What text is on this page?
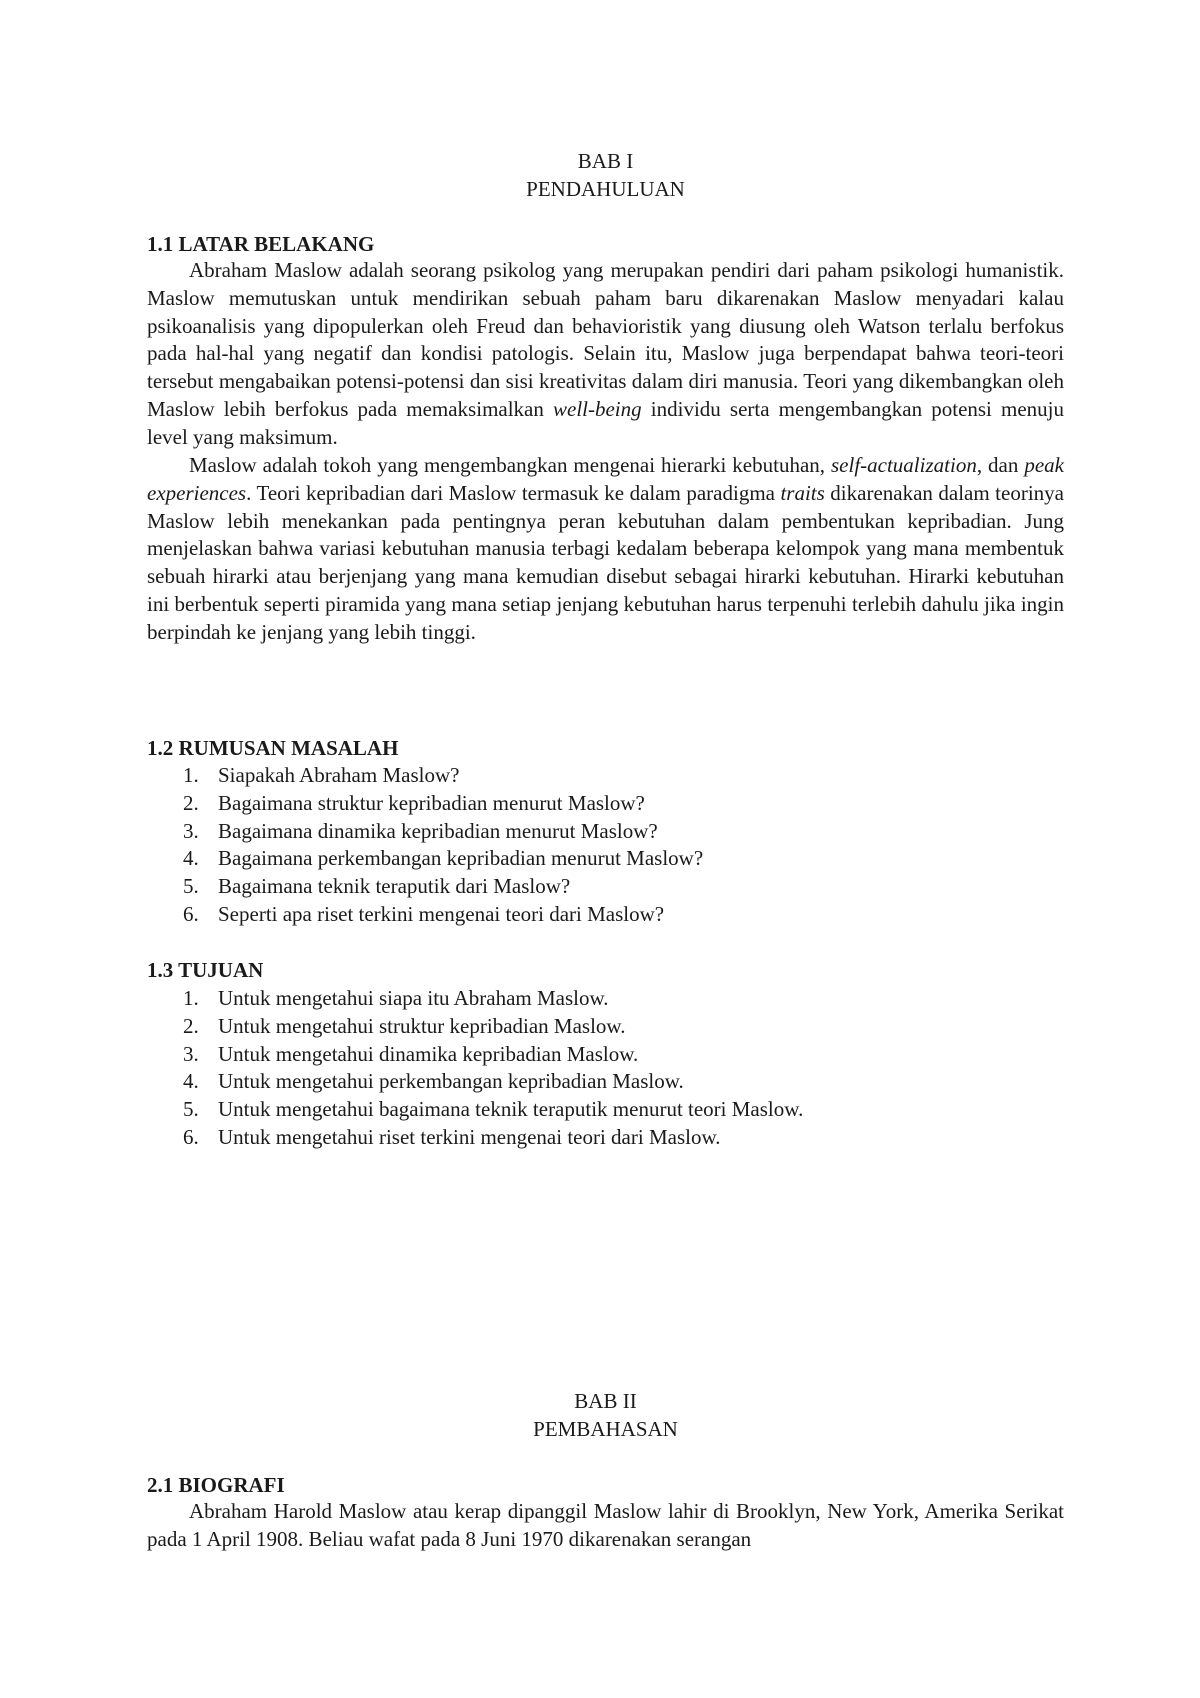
BAB I
PENDAHULUAN
1.1 LATAR BELAKANG

Abraham Maslow adalah seorang psikolog yang merupakan pendiri dari paham psikologi humanistik. Maslow memutuskan untuk mendirikan sebuah paham baru dikarenakan Maslow menyadari kalau psikoanalisis yang dipopulerkan oleh Freud dan behavioristik yang diusung oleh Watson terlalu berfokus pada hal-hal yang negatif dan kondisi patologis. Selain itu, Maslow juga berpendapat bahwa teori-teori tersebut mengabaikan potensi-potensi dan sisi kreativitas dalam diri manusia. Teori yang dikembangkan oleh Maslow lebih berfokus pada memaksimalkan well-being individu serta mengembangkan potensi menuju level yang maksimum.

Maslow adalah tokoh yang mengembangkan mengenai hierarki kebutuhan, self-actualization, dan peak experiences. Teori kepribadian dari Maslow termasuk ke dalam paradigma traits dikarenakan dalam teorinya Maslow lebih menekankan pada pentingnya peran kebutuhan dalam pembentukan kepribadian. Jung menjelaskan bahwa variasi kebutuhan manusia terbagi kedalam beberapa kelompok yang mana membentuk sebuah hirarki atau berjenjang yang mana kemudian disebut sebagai hirarki kebutuhan. Hirarki kebutuhan ini berbentuk seperti piramida yang mana setiap jenjang kebutuhan harus terpenuhi terlebih dahulu jika ingin berpindah ke jenjang yang lebih tinggi.

1.2 RUMUSAN MASALAH
1. Siapakah Abraham Maslow?
2. Bagaimana struktur kepribadian menurut Maslow?
3. Bagaimana dinamika kepribadian menurut Maslow?
4. Bagaimana perkembangan kepribadian menurut Maslow?
5. Bagaimana teknik teraputik dari Maslow?
6. Seperti apa riset terkini mengenai teori dari Maslow?
1.3 TUJUAN
1. Untuk mengetahui siapa itu Abraham Maslow.
2. Untuk mengetahui struktur kepribadian Maslow.
3. Untuk mengetahui dinamika kepribadian Maslow.
4. Untuk mengetahui perkembangan kepribadian Maslow.
5. Untuk mengetahui bagaimana teknik teraputik menurut teori Maslow.
6. Untuk mengetahui riset terkini mengenai teori dari Maslow.
BAB II
PEMBAHASAN
2.1 BIOGRAFI

Abraham Harold Maslow atau kerap dipanggil Maslow lahir di Brooklyn, New York, Amerika Serikat pada 1 April 1908. Beliau wafat pada 8 Juni 1970 dikarenakan serangan
